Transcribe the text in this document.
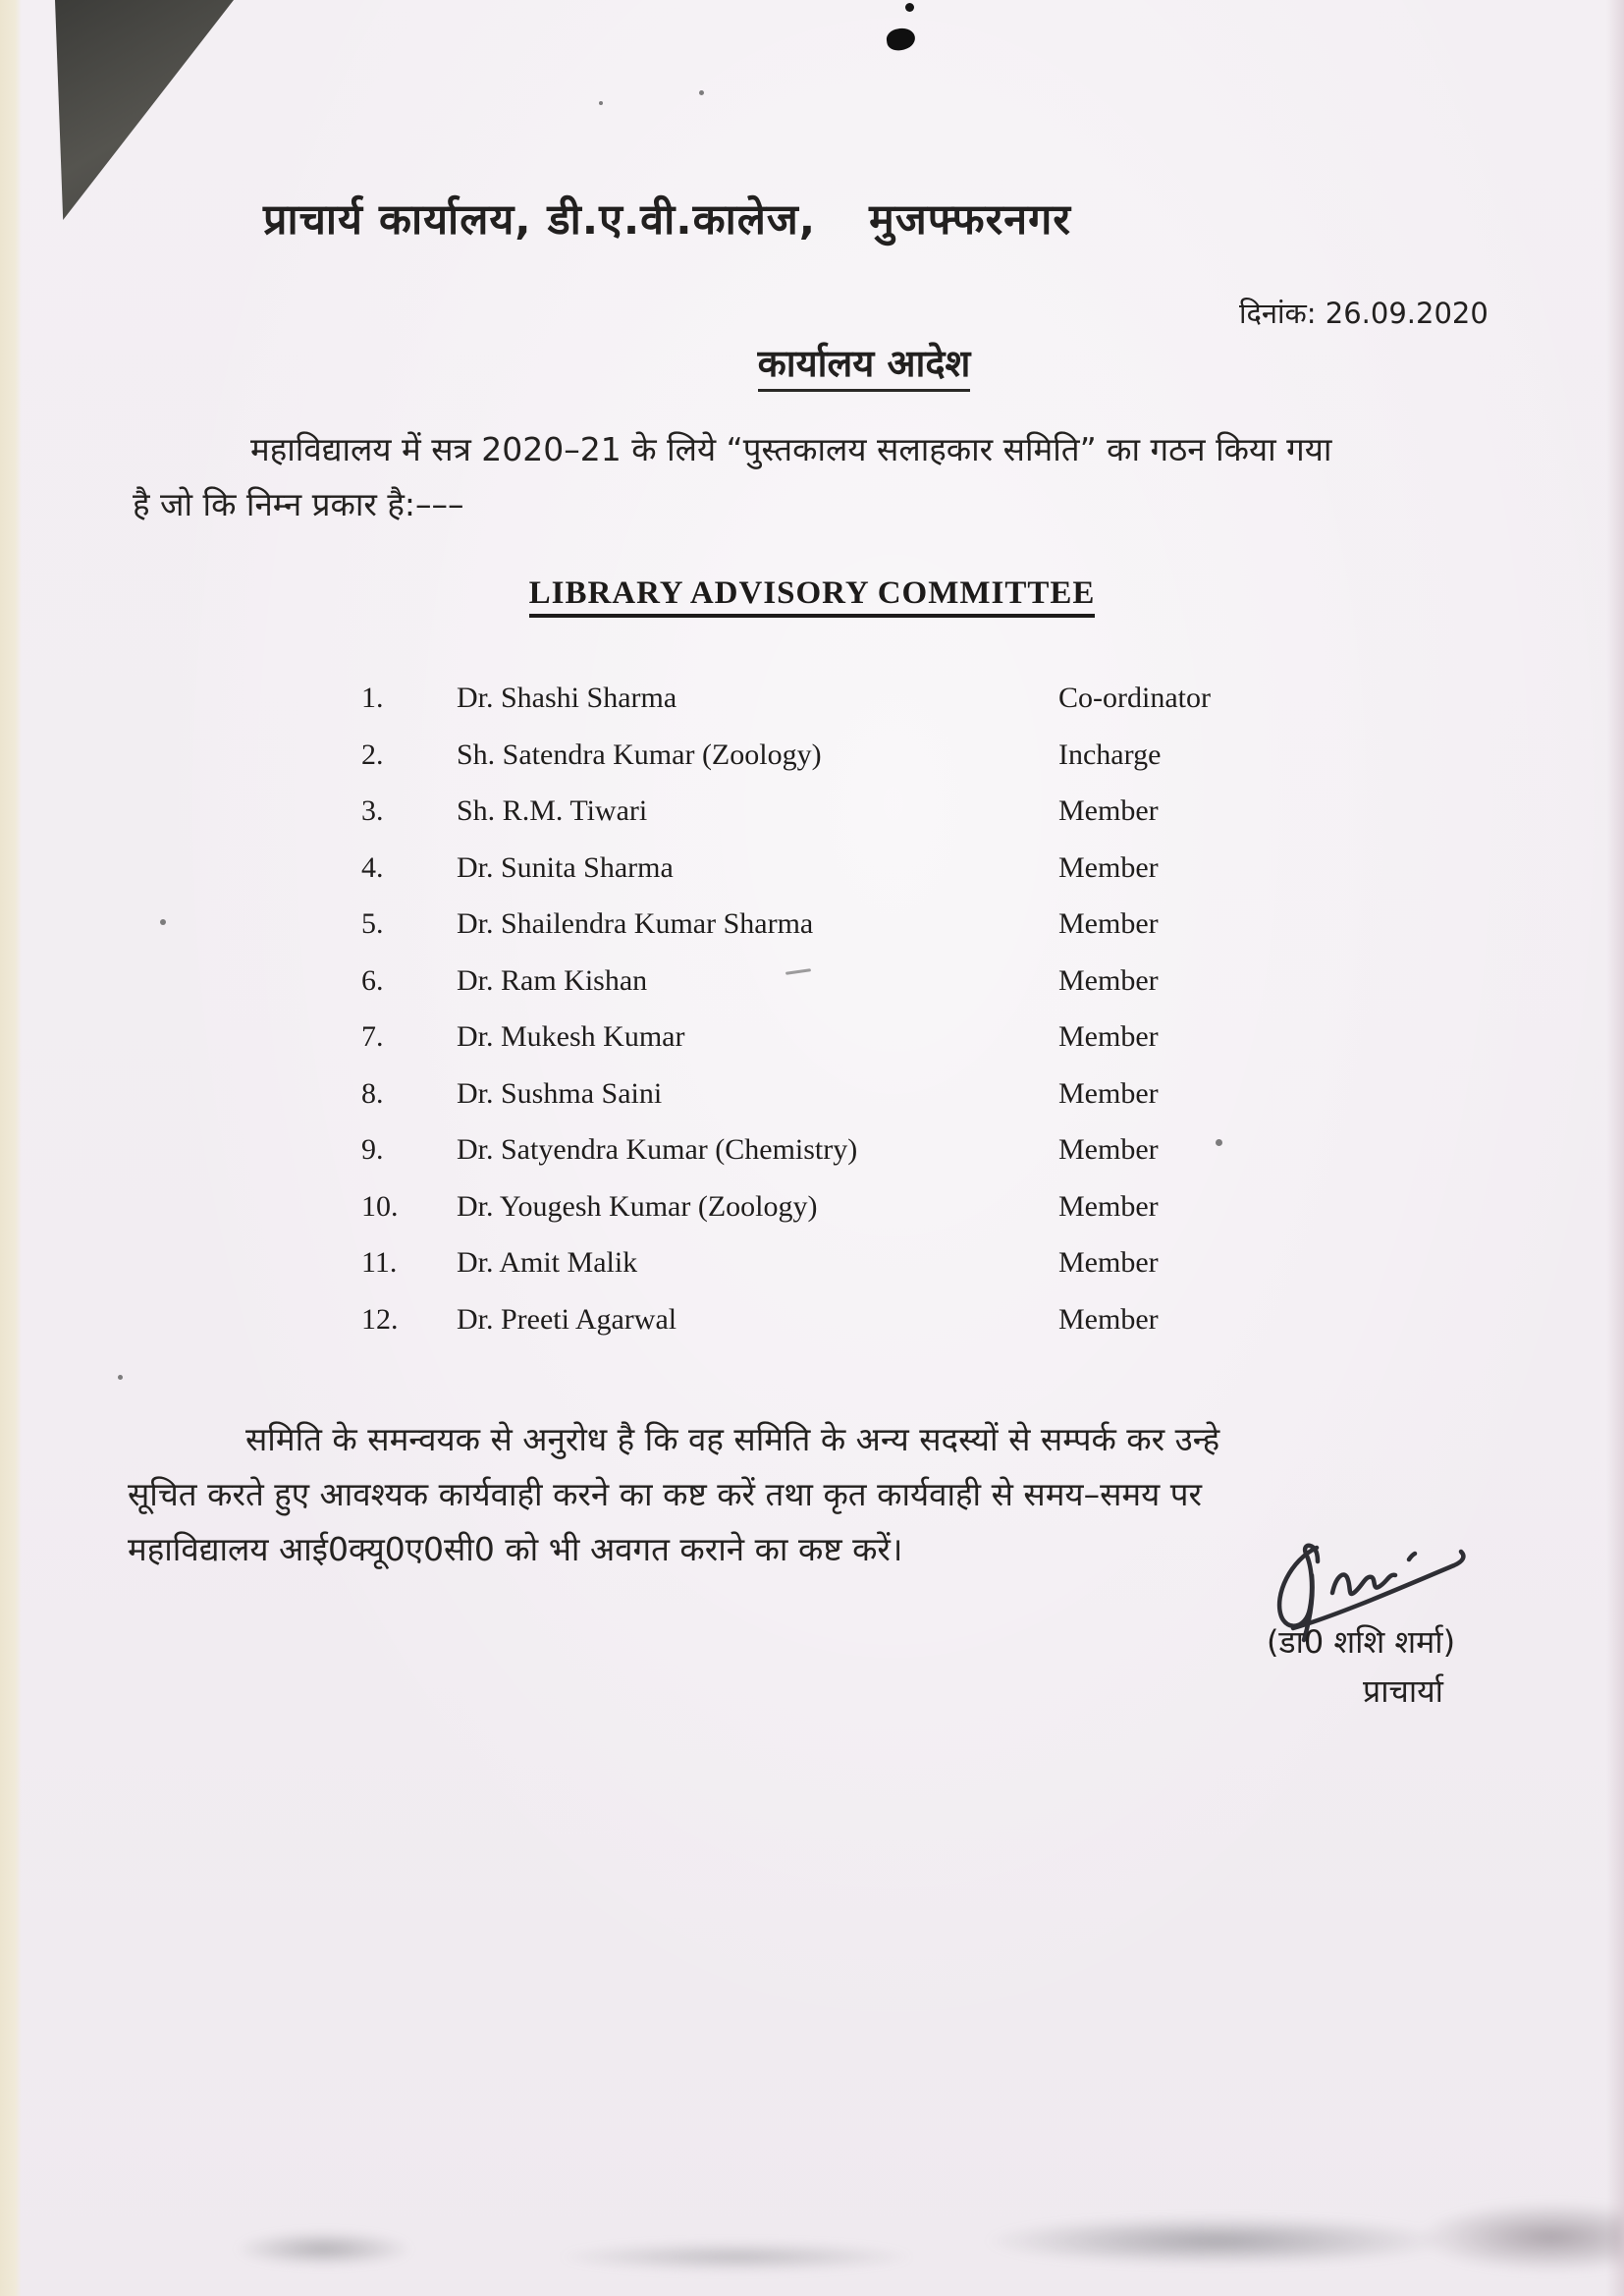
प्राचार्य कार्यालय, डी.ए.वी.कालेज, मुजफ्फरनगर
दिनांक: 26.09.2020
कार्यालय आदेश
महाविद्यालय में सत्र 2020–21 के लिये “पुस्तकालय सलाहकार समिति” का गठन किया गया
है जो कि निम्न प्रकार है:–––
LIBRARY ADVISORY COMMITTEE
1.	Dr. Shashi Sharma	Co-ordinator
2.	Sh. Satendra Kumar (Zoology)	Incharge
3.	Sh. R.M. Tiwari	Member
4.	Dr. Sunita Sharma	Member
5.	Dr. Shailendra Kumar Sharma	Member
6.	Dr. Ram Kishan	Member
7.	Dr. Mukesh Kumar	Member
8.	Dr. Sushma Saini	Member
9.	Dr. Satyendra Kumar (Chemistry)	Member
10.	Dr. Yougesh Kumar (Zoology)	Member
11.	Dr. Amit Malik	Member
12.	Dr. Preeti Agarwal	Member
समिति के समन्वयक से अनुरोध है कि वह समिति के अन्य सदस्यों से सम्पर्क कर उन्हे
सूचित करते हुए आवश्यक कार्यवाही करने का कष्ट करें तथा कृत कार्यवाही से समय–समय पर
महाविद्यालय आई0क्यू0ए0सी0 को भी अवगत कराने का कष्ट करें।
(डा0 शशि शर्मा)
प्राचार्या
